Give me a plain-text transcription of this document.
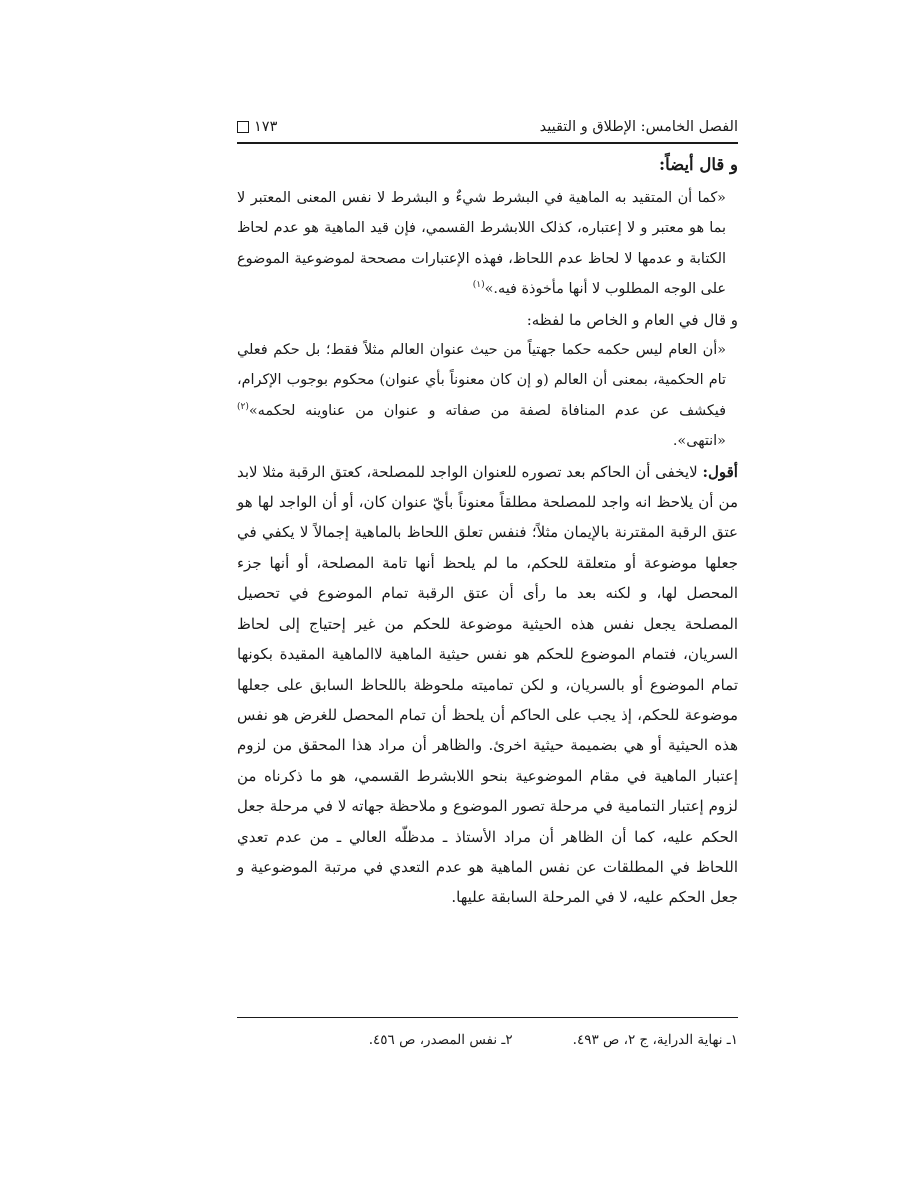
الفصل الخامس: الإطلاق و التقييد
١٧٣

و قال أيضاً:

«كما أن المتقيد به الماهية في البشرط شيءٌ و البشرط لا نفس المعنى المعتبر لا بما هو معتبر و لا إعتباره، كذلک اللابشرط القسمي، فإن قيد الماهية هو عدم لحاظ الكتابة و عدمها لا لحاظ عدم اللحاظ، فهذه الإعتبارات مصححة لموضوعية الموضوع على الوجه المطلوب لا أنها مأخوذة فيه.»$^{(١)}$

و قال في العام و الخاص ما لفظه:

«أن العام ليس حكمه حكما جهتياً من حيث عنوان العالم مثلاً فقط؛ بل حكم فعلي تام الحكمية، بمعنى أن العالم (و إن كان معنوناً بأي عنوان) محكوم بوجوب الإكرام، فيكشف عن عدم المنافاة لصفة من صفاته و عنوان من عناوينه لحكمه»$^{(٢)}$ «انتهى».

أقول: لايخفى أن الحاكم بعد تصوره للعنوان الواجد للمصلحة، كعتق الرقبة مثلا لابد من أن يلاحظ انه واجد للمصلحة مطلقاً معنوناً بأيّ عنوان كان، أو أن الواجد لها هو عتق الرقبة المقترنة بالإيمان مثلاً؛ فنفس تعلق اللحاظ بالماهية إجمالاً لا يكفي في جعلها موضوعة أو متعلقة للحكم، ما لم يلحظ أنها تامة المصلحة، أو أنها جزء المحصل لها، و لكنه بعد ما رأى أن عتق الرقبة تمام الموضوع في تحصيل المصلحة يجعل نفس هذه الحيثية موضوعة للحكم من غير إحتياج إلى لحاظ السريان، فتمام الموضوع للحكم هو نفس حيثية الماهية لاالماهية المقيدة بكونها تمام الموضوع أو بالسريان، و لكن تماميته ملحوظة باللحاظ السابق على جعلها موضوعة للحكم، إذ يجب على الحاكم أن يلحظ أن تمام المحصل للغرض هو نفس هذه الحيثية أو هي بضميمة حيثية اخرئ. والظاهر أن مراد هذا المحقق من لزوم إعتبار الماهية في مقام الموضوعية بنحو اللابشرط القسمي، هو ما ذكرناه من لزوم إعتبار التمامية في مرحلة تصور الموضوع و ملاحظة جهاته لا في مرحلة جعل الحكم عليه، كما أن الظاهر أن مراد الأستاذ ـ مدظلّه العالي ـ من عدم تعدي اللحاظ في المطلقات عن نفس الماهية هو عدم التعدي في مرتبة الموضوعية و جعل الحكم عليه، لا في المرحلة السابقة عليها.

١ـ نهاية الدراية، ج ٢، ص ٤٩٣.
٢ـ نفس المصدر، ص ٤٥٦.
